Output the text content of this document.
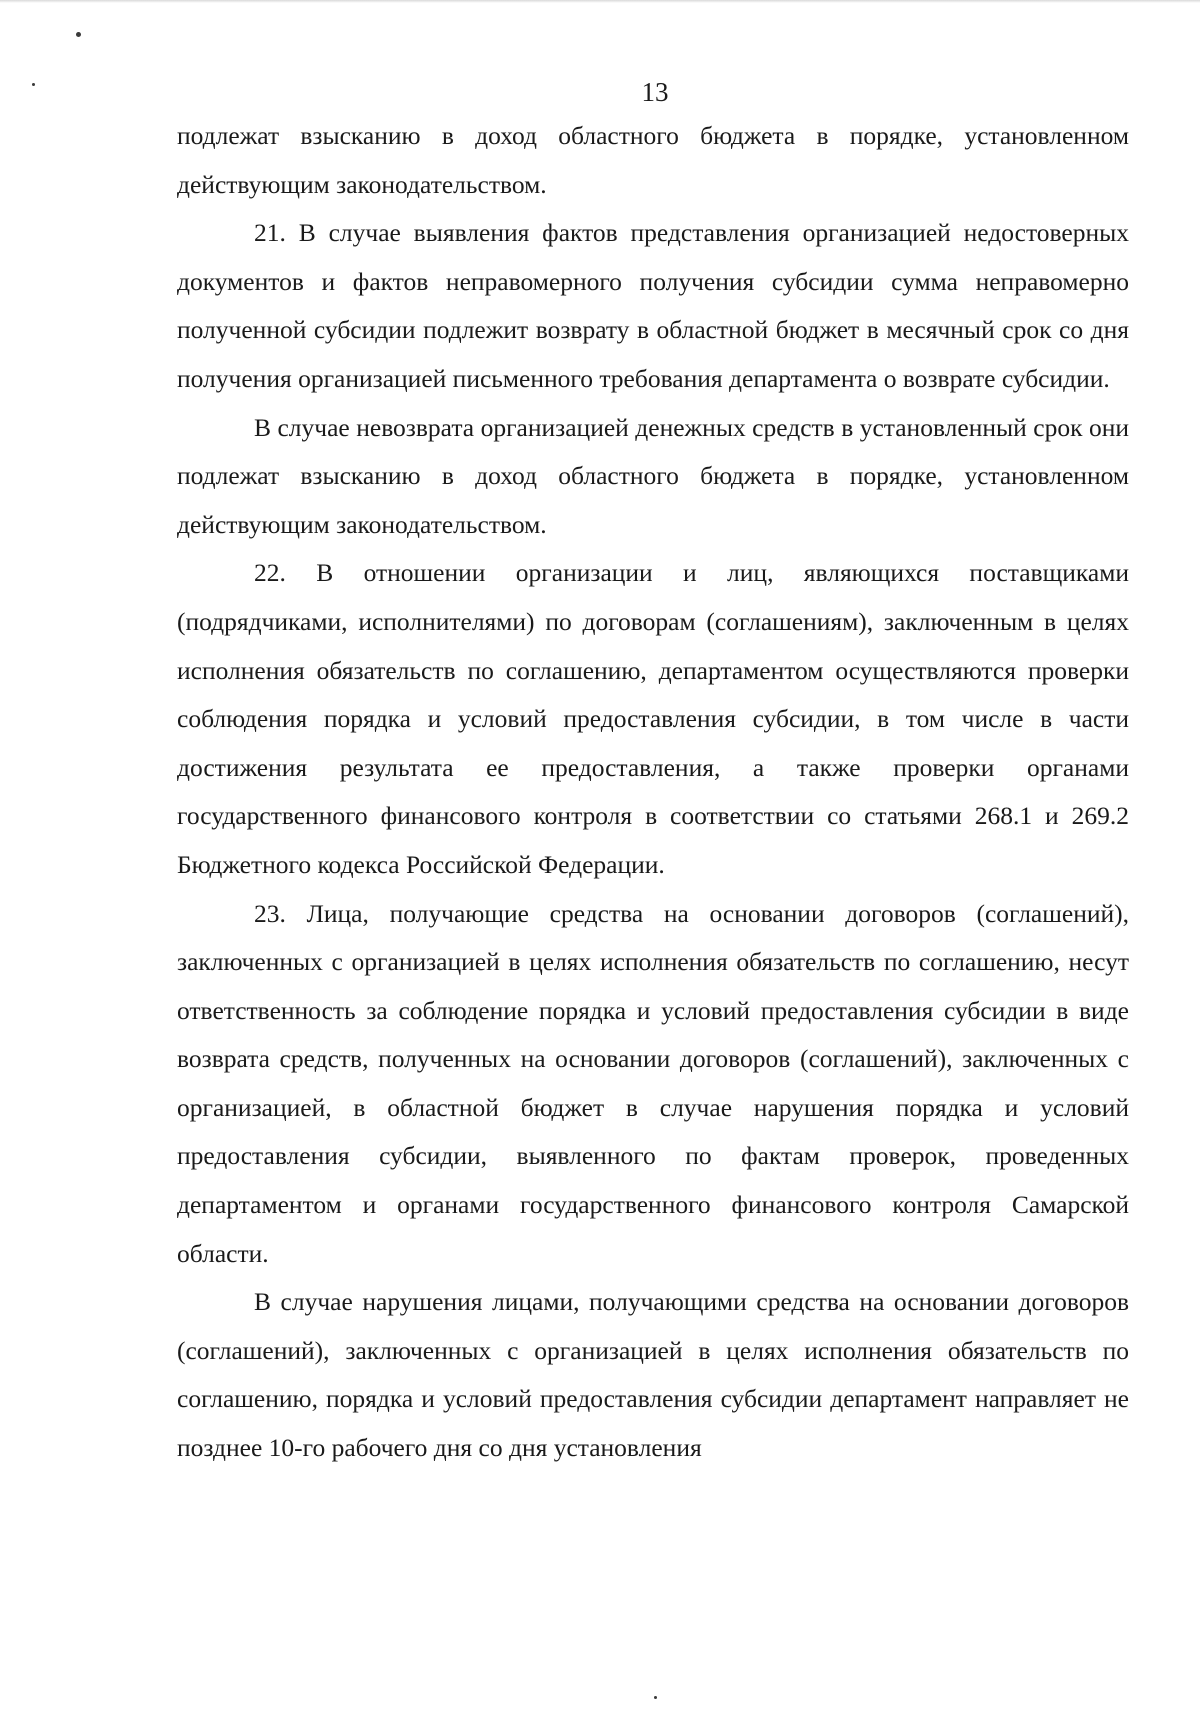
13

подлежат взысканию в доход областного бюджета в порядке, установленном действующим законодательством.

21. В случае выявления фактов представления организацией недостоверных документов и фактов неправомерного получения субсидии сумма неправомерно полученной субсидии подлежит возврату в областной бюджет в месячный срок со дня получения организацией письменного требования департамента о возврате субсидии.

В случае невозврата организацией денежных средств в установленный срок они подлежат взысканию в доход областного бюджета в порядке, установленном действующим законодательством.

22. В отношении организации и лиц, являющихся поставщиками (подрядчиками, исполнителями) по договорам (соглашениям), заключенным в целях исполнения обязательств по соглашению, департаментом осуществляются проверки соблюдения порядка и условий предоставления субсидии, в том числе в части достижения результата ее предоставления, а также проверки органами государственного финансового контроля в соответствии со статьями 268.1 и 269.2 Бюджетного кодекса Российской Федерации.

23. Лица, получающие средства на основании договоров (соглашений), заключенных с организацией в целях исполнения обязательств по соглашению, несут ответственность за соблюдение порядка и условий предоставления субсидии в виде возврата средств, полученных на основании договоров (соглашений), заключенных с организацией, в областной бюджет в случае нарушения порядка и условий предоставления субсидии, выявленного по фактам проверок, проведенных департаментом и органами государственного финансового контроля Самарской области.

В случае нарушения лицами, получающими средства на основании договоров (соглашений), заключенных с организацией в целях исполнения обязательств по соглашению, порядка и условий предоставления субсидии департамент направляет не позднее 10-го рабочего дня со дня установления
